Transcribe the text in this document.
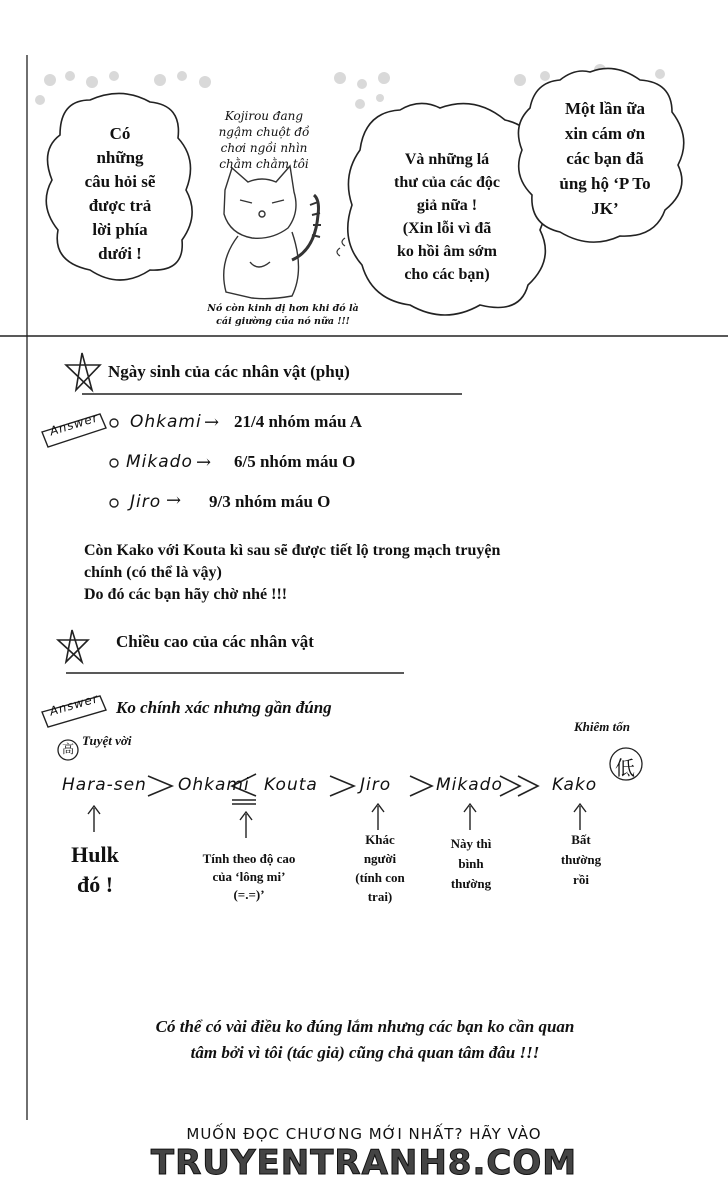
Có
những
câu hỏi sẽ
được trả
lời phía
dưới !
Kojirou đang
ngậm chuột đồ
chơi ngồi nhìn
chằm chằm tôi
Nó còn kinh dị hơn khi đó là
cái giường của nó nữa !!!
Và những lá
thư của các độc
giả nữa !
(Xin lỗi vì đã
ko hồi âm sớm
cho các bạn)
Một lần ữa
xin cám ơn
các bạn đã
ủng hộ ‘P To
JK’
Ngày sinh của các nhân vật (phụ)
Answer Ohkami → 21/4 nhóm máu A
Mikado → 6/5 nhóm máu O
Jiro → 9/3 nhóm máu O
Còn Kako với Kouta kì sau sẽ được tiết lộ trong mạch truyện
chính (có thể là vậy)
Do đó các bạn hãy chờ nhé !!!
Chiều cao của các nhân vật
Answer Ko chính xác nhưng gần đúng
高
Tuyệt vời
Khiêm tốn
低
Hara-sen Ohkami Kouta Jiro	Mikado	Kako
Hulk
đó !
Tính theo độ cao
của ‘lông mi’
(=.=)’
Khác
người
(tính con
trai)
Này thì
bình
thường
Bất
thường
rồi
Có thể có vài điều ko đúng lắm nhưng các bạn ko cần quan
tâm bởi vì tôi (tác giả) cũng chả quan tâm đâu !!!
MUỐN ĐỌC CHƯƠNG MỚI NHẤT? HÃY VÀO
TRUYENTRANH8.COM
